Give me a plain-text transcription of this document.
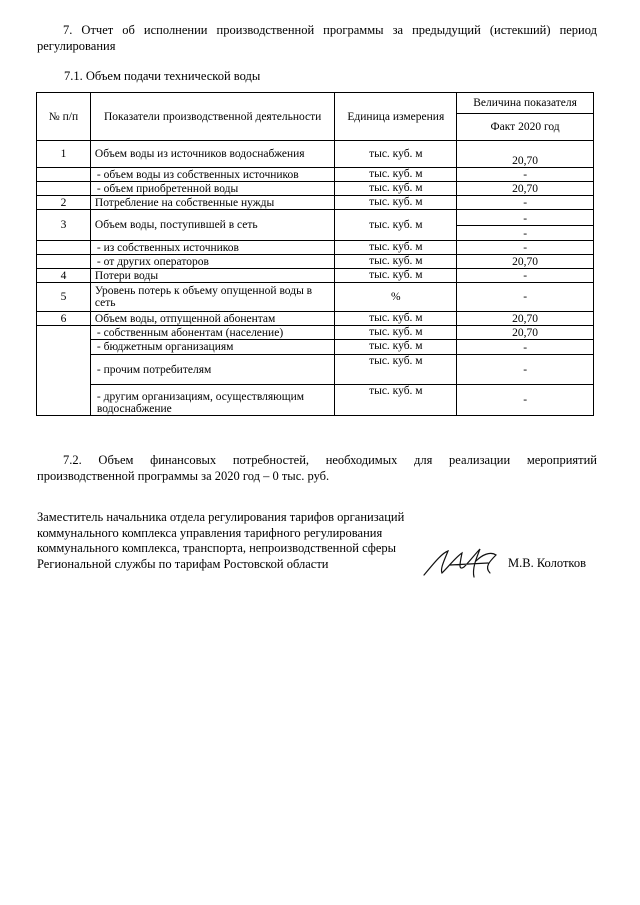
7. Отчет об исполнении производственной программы за предыдущий (истекший) период регулирования
7.1. Объем подачи технической воды
№ п/п	Показатели производственной деятельности	Единица измерения	Величина показателя
			Факт 2020 год
1	Объем воды из источников водоснабжения	тыс. куб. м	20,70
	- объем воды из собственных источников	тыс. куб. м	-
	- объем приобретенной воды	тыс. куб. м	20,70
2	Потребление на собственные нужды	тыс. куб. м	-
3	Объем воды, поступившей в сеть	тыс. куб. м	-
			-
	- из собственных источников	тыс. куб. м	-
	- от других операторов	тыс. куб. м	20,70
4	Потери воды	тыс. куб. м	-
5	Уровень потерь к объему опущенной воды в сеть	%	-
6	Объем воды, отпущенной абонентам	тыс. куб. м	20,70
	- собственным абонентам (население)	тыс. куб. м	20,70
	- бюджетным организациям	тыс. куб. м	-
	- прочим потребителям	тыс. куб. м	-
	- другим организациям, осуществляющим водоснабжение	тыс. куб. м	-
7.2. Объем финансовых потребностей, необходимых для реализации мероприятий производственной программы за 2020 год – 0 тыс. руб.
Заместитель начальника отдела регулирования тарифов организаций
коммунального комплекса управления тарифного регулирования
коммунального комплекса, транспорта, непроизводственной сферы
Региональной службы по тарифам Ростовской области	М.В. Колотков
